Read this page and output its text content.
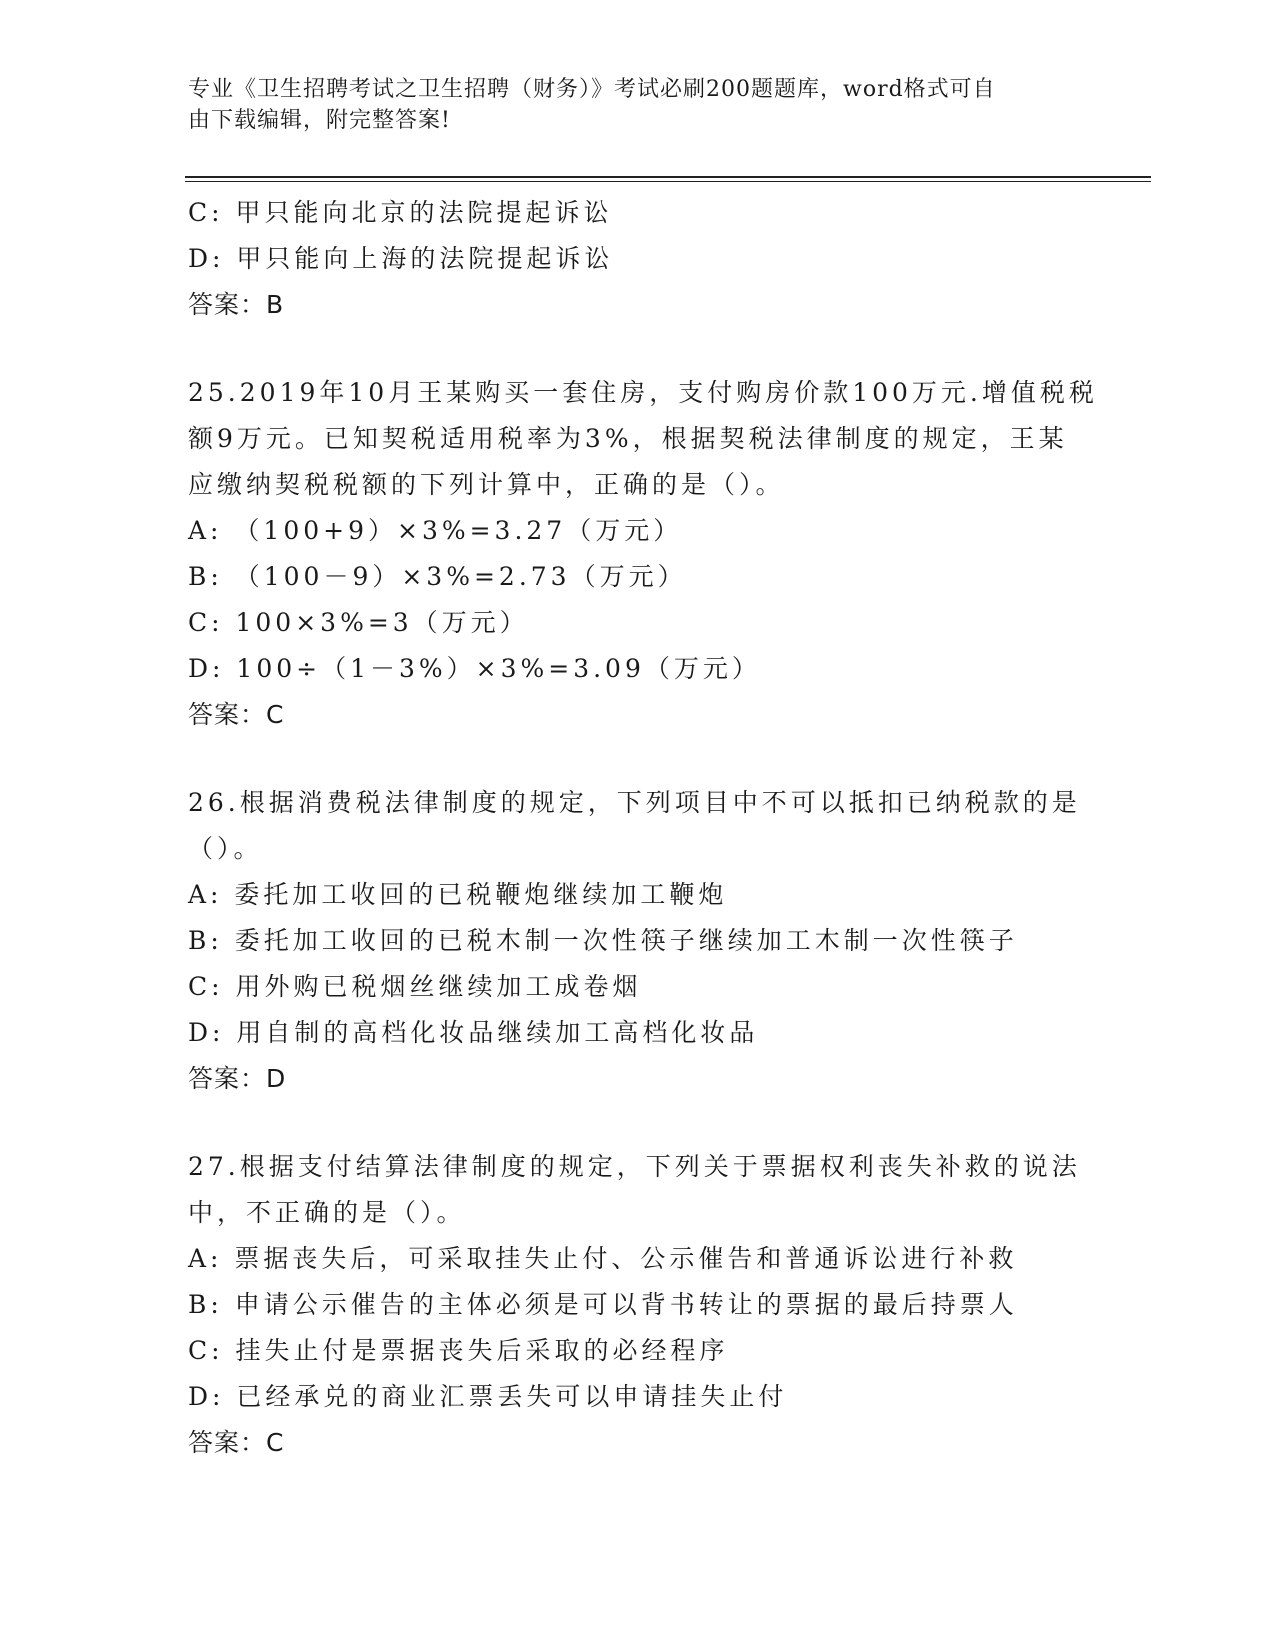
专业《卫生招聘考试之卫生招聘（财务）》考试必刷200题题库，word格式可自
由下载编辑，附完整答案!
C: 甲只能向北京的法院提起诉讼
D: 甲只能向上海的法院提起诉讼
答案：B
25.2019年10月王某购买一套住房，支付购房价款100万元.增值税税
额9万元。已知契税适用税率为3%，根据契税法律制度的规定，王某
应缴纳契税税额的下列计算中，正确的是（）。
A: （100+9）×3%=3.27（万元）
B: （100－9）×3%=2.73（万元）
C: 100×3%=3（万元）
D: 100÷（1－3%）×3%=3.09（万元）
答案：C
26.根据消费税法律制度的规定，下列项目中不可以抵扣已纳税款的是
（）。
A: 委托加工收回的已税鞭炮继续加工鞭炮
B: 委托加工收回的已税木制一次性筷子继续加工木制一次性筷子
C: 用外购已税烟丝继续加工成卷烟
D: 用自制的高档化妆品继续加工高档化妆品
答案：D
27.根据支付结算法律制度的规定，下列关于票据权利丧失补救的说法
中，不正确的是（）。
A: 票据丧失后，可采取挂失止付、公示催告和普通诉讼进行补救
B: 申请公示催告的主体必须是可以背书转让的票据的最后持票人
C: 挂失止付是票据丧失后采取的必经程序
D: 已经承兑的商业汇票丢失可以申请挂失止付
答案：C
